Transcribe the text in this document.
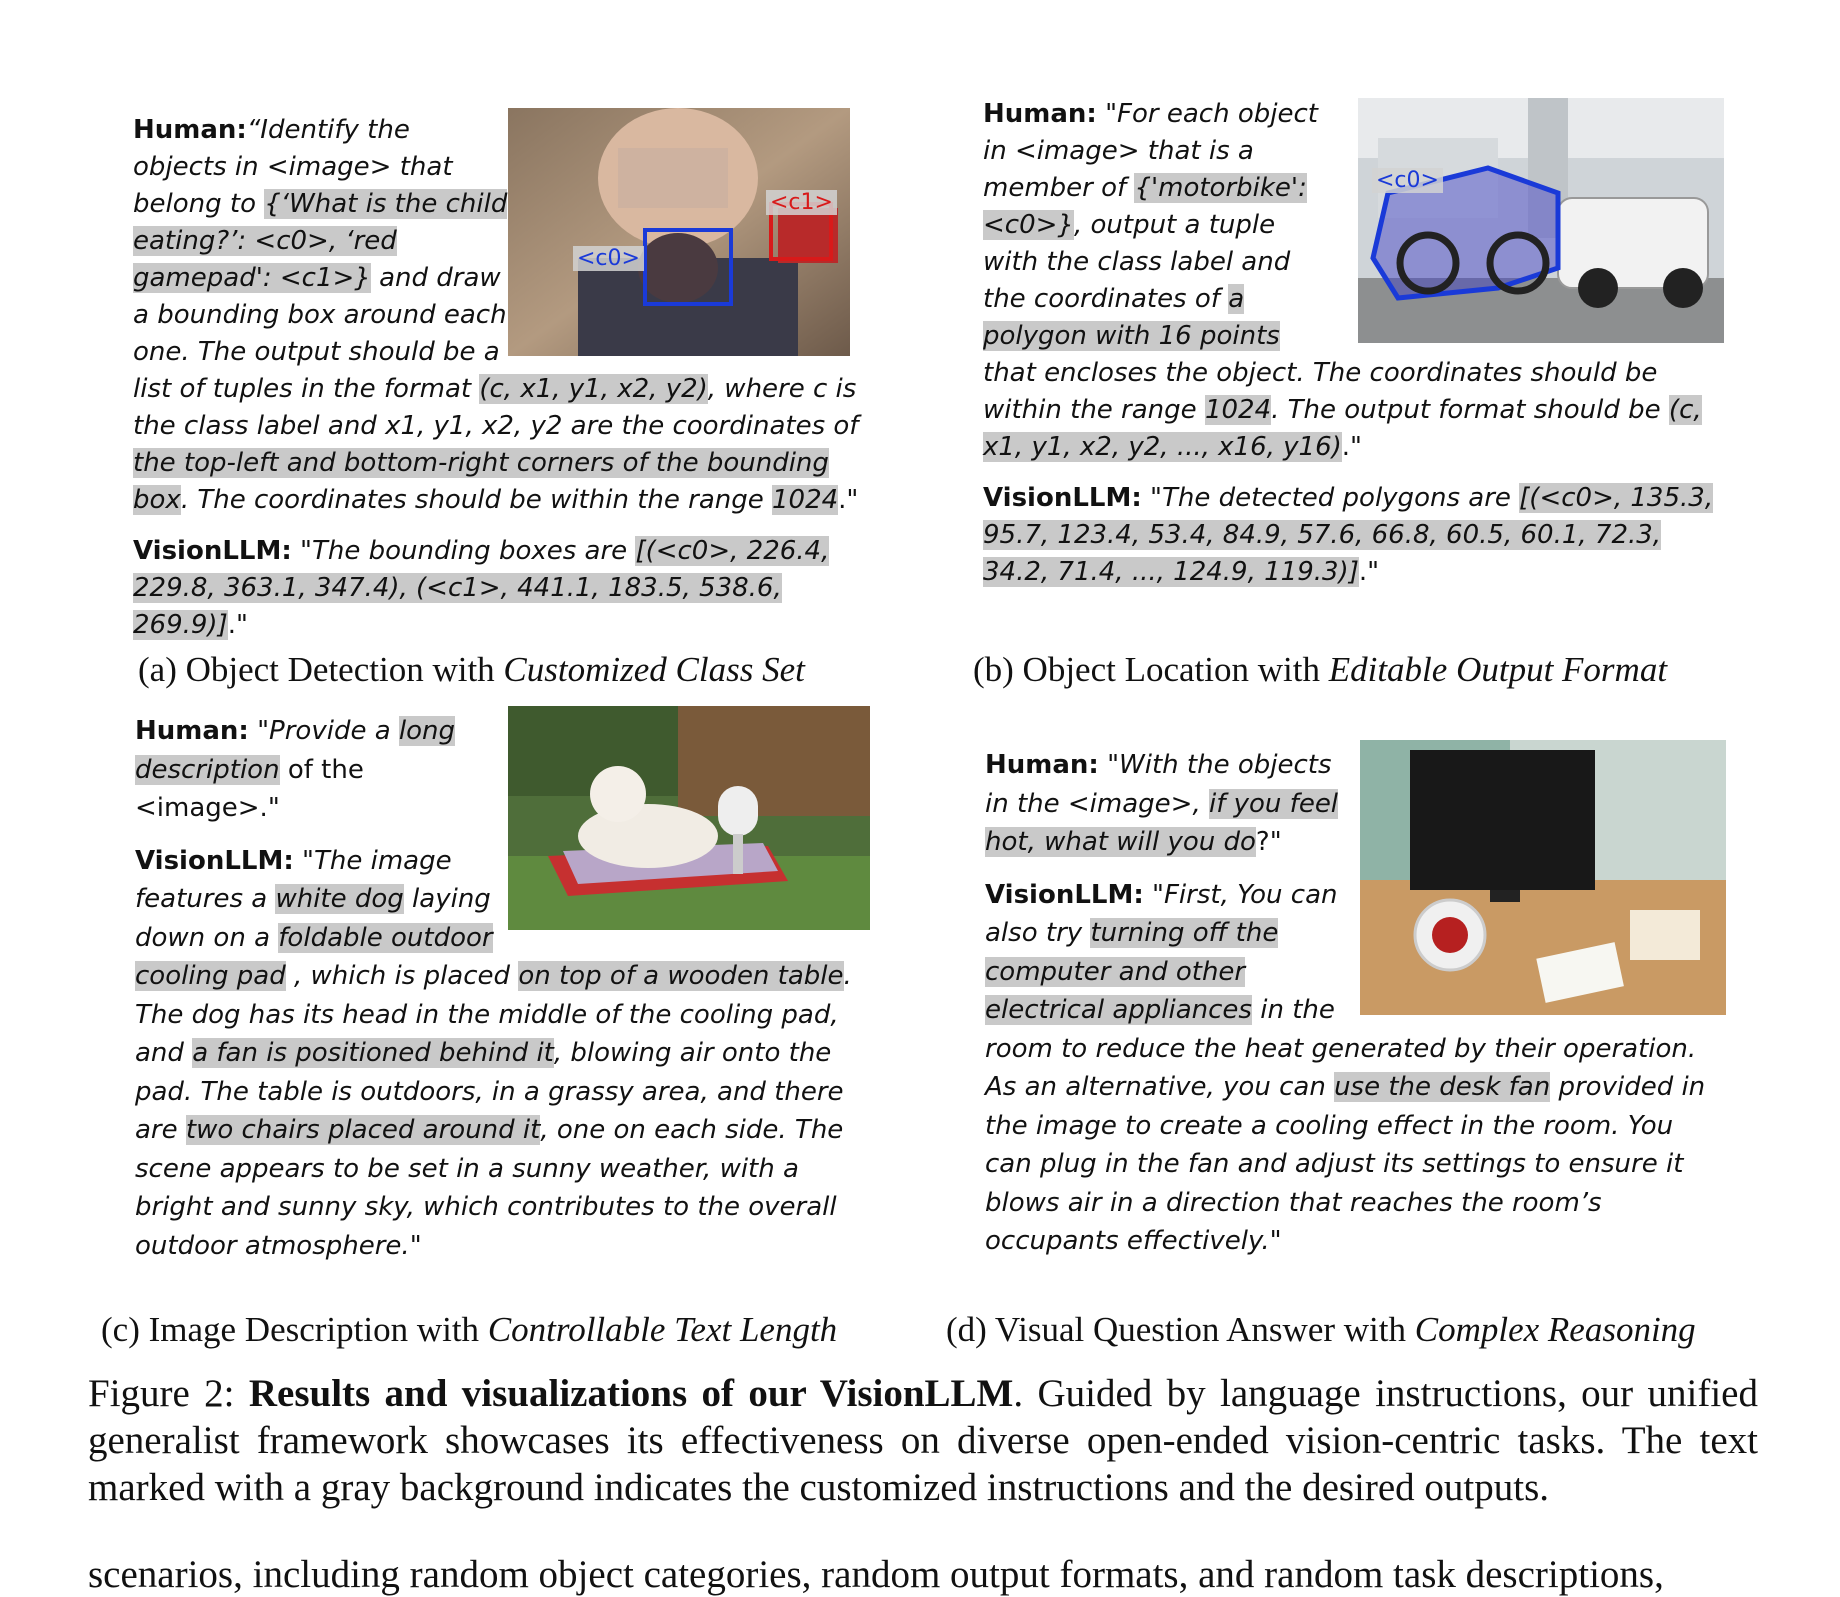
<c0>
<c1>
<c0>
(a) Object Detection with Customized Class Set	(b) Object Location with Editable Output Format
(c) Image Description with Controllable Text Length	(d) Visual Question Answer with Complex Reasoning
Figure 2: Results and visualizations of our VisionLLM. Guided by language instructions, our unified generalist framework showcases its effectiveness on diverse open-ended vision-centric tasks. The text marked with a gray background indicates the customized instructions and the desired outputs.
scenarios, including random object categories, random output formats, and random task descriptions,

Human:“Identify the objects in <image> that belong to {‘What is the child eating?’: <c0>, ‘red gamepad': <c1>} and draw a bounding box around each one. The output should be a list of tuples in the format (c, x1, y1, x2, y2), where c is the class label and x1, y1, x2, y2 are the coordinates of the top-left and bottom-right corners of the bounding box. The coordinates should be within the range 1024."

VisionLLM: "The bounding boxes are [(<c0>, 226.4, 229.8, 363.1, 347.4), (<c1>, 441.1, 183.5, 538.6, 269.9)]."

Human: "For each object in <image> that is a member of {'motorbike': <c0>}, output a tuple with the class label and the coordinates of a polygon with 16 points that encloses the object. The coordinates should be within the range 1024. The output format should be (c, x1, y1, x2, y2, ..., x16, y16)."

VisionLLM: "The detected polygons are [(<c0>, 135.3, 95.7, 123.4, 53.4, 84.9, 57.6, 66.8, 60.5, 60.1, 72.3, 34.2, 71.4, ..., 124.9, 119.3)]."

Human: "Provide a long description of the <image>."

VisionLLM: "The image features a white dog laying down on a foldable outdoor cooling pad , which is placed on top of a wooden table. The dog has its head in the middle of the cooling pad, and a fan is positioned behind it, blowing air onto the pad. The table is outdoors, in a grassy area, and there are two chairs placed around it, one on each side. The scene appears to be set in a sunny weather, with a bright and sunny sky, which contributes to the overall outdoor atmosphere."

Human: "With the objects in the <image>, if you feel hot, what will you do?"

VisionLLM: "First, You can also try turning off the computer and other electrical appliances in the room to reduce the heat generated by their operation. As an alternative, you can use the desk fan provided in the image to create a cooling effect in the room. You can plug in the fan and adjust its settings to ensure it blows air in a direction that reaches the room’s occupants effectively."
